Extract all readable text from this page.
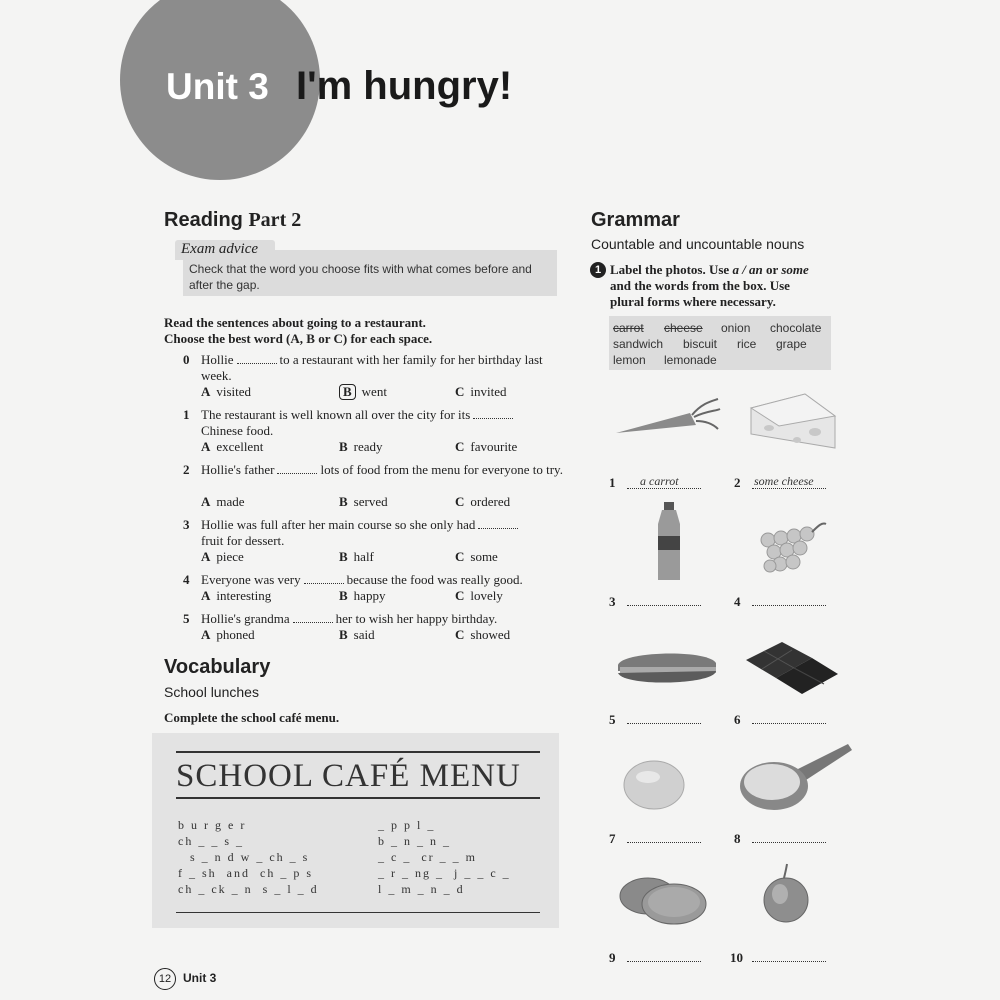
Unit 3 I'm hungry!
Reading Part 2
Exam advice
Check that the word you choose fits with what comes before and after the gap.
Read the sentences about going to a restaurant.
Choose the best word (A, B or C) for each space.
0 Hollie	to a restaurant with her family for her birthday last week.
A visited	B went	C invited
1 The restaurant is well known all over the city for its
Chinese food.
A excellent	B ready	C favourite
2 Hollie's father	lots of food from the menu for everyone to try.
A made	B served	C ordered
3 Hollie was full after her main course so she only had
fruit for dessert.
A piece	B half	C some
4 Everyone was very	because the food was really good.
A interesting	B happy	C lovely
5 Hollie's grandma	her to wish her happy birthday.
A phoned	B said	C showed
Vocabulary
School lunches
Complete the school café menu.
SCHOOL CAFÉ MENU
b u r g e r
ch _ _ s _
s _ n d w _ ch _ s
f _ sh  and  ch _ p s
ch _ ck _ n  s _ l _ d
_ p p l _
b _ n _ n _
_ c _  cr _ _ m
_ r _ ng _  j _ _ c _
l _ m _ n _ d
Grammar
Countable and uncountable nouns
1 Label the photos. Use a / an or some
and the words from the box. Use
plural forms where necessary.
carrot cheese onion chocolate
sandwich biscuit rice grape
lemon lemonade
1 a carrot	2 some cheese
3	4
5	6
7	8
9	10
12 Unit 3
